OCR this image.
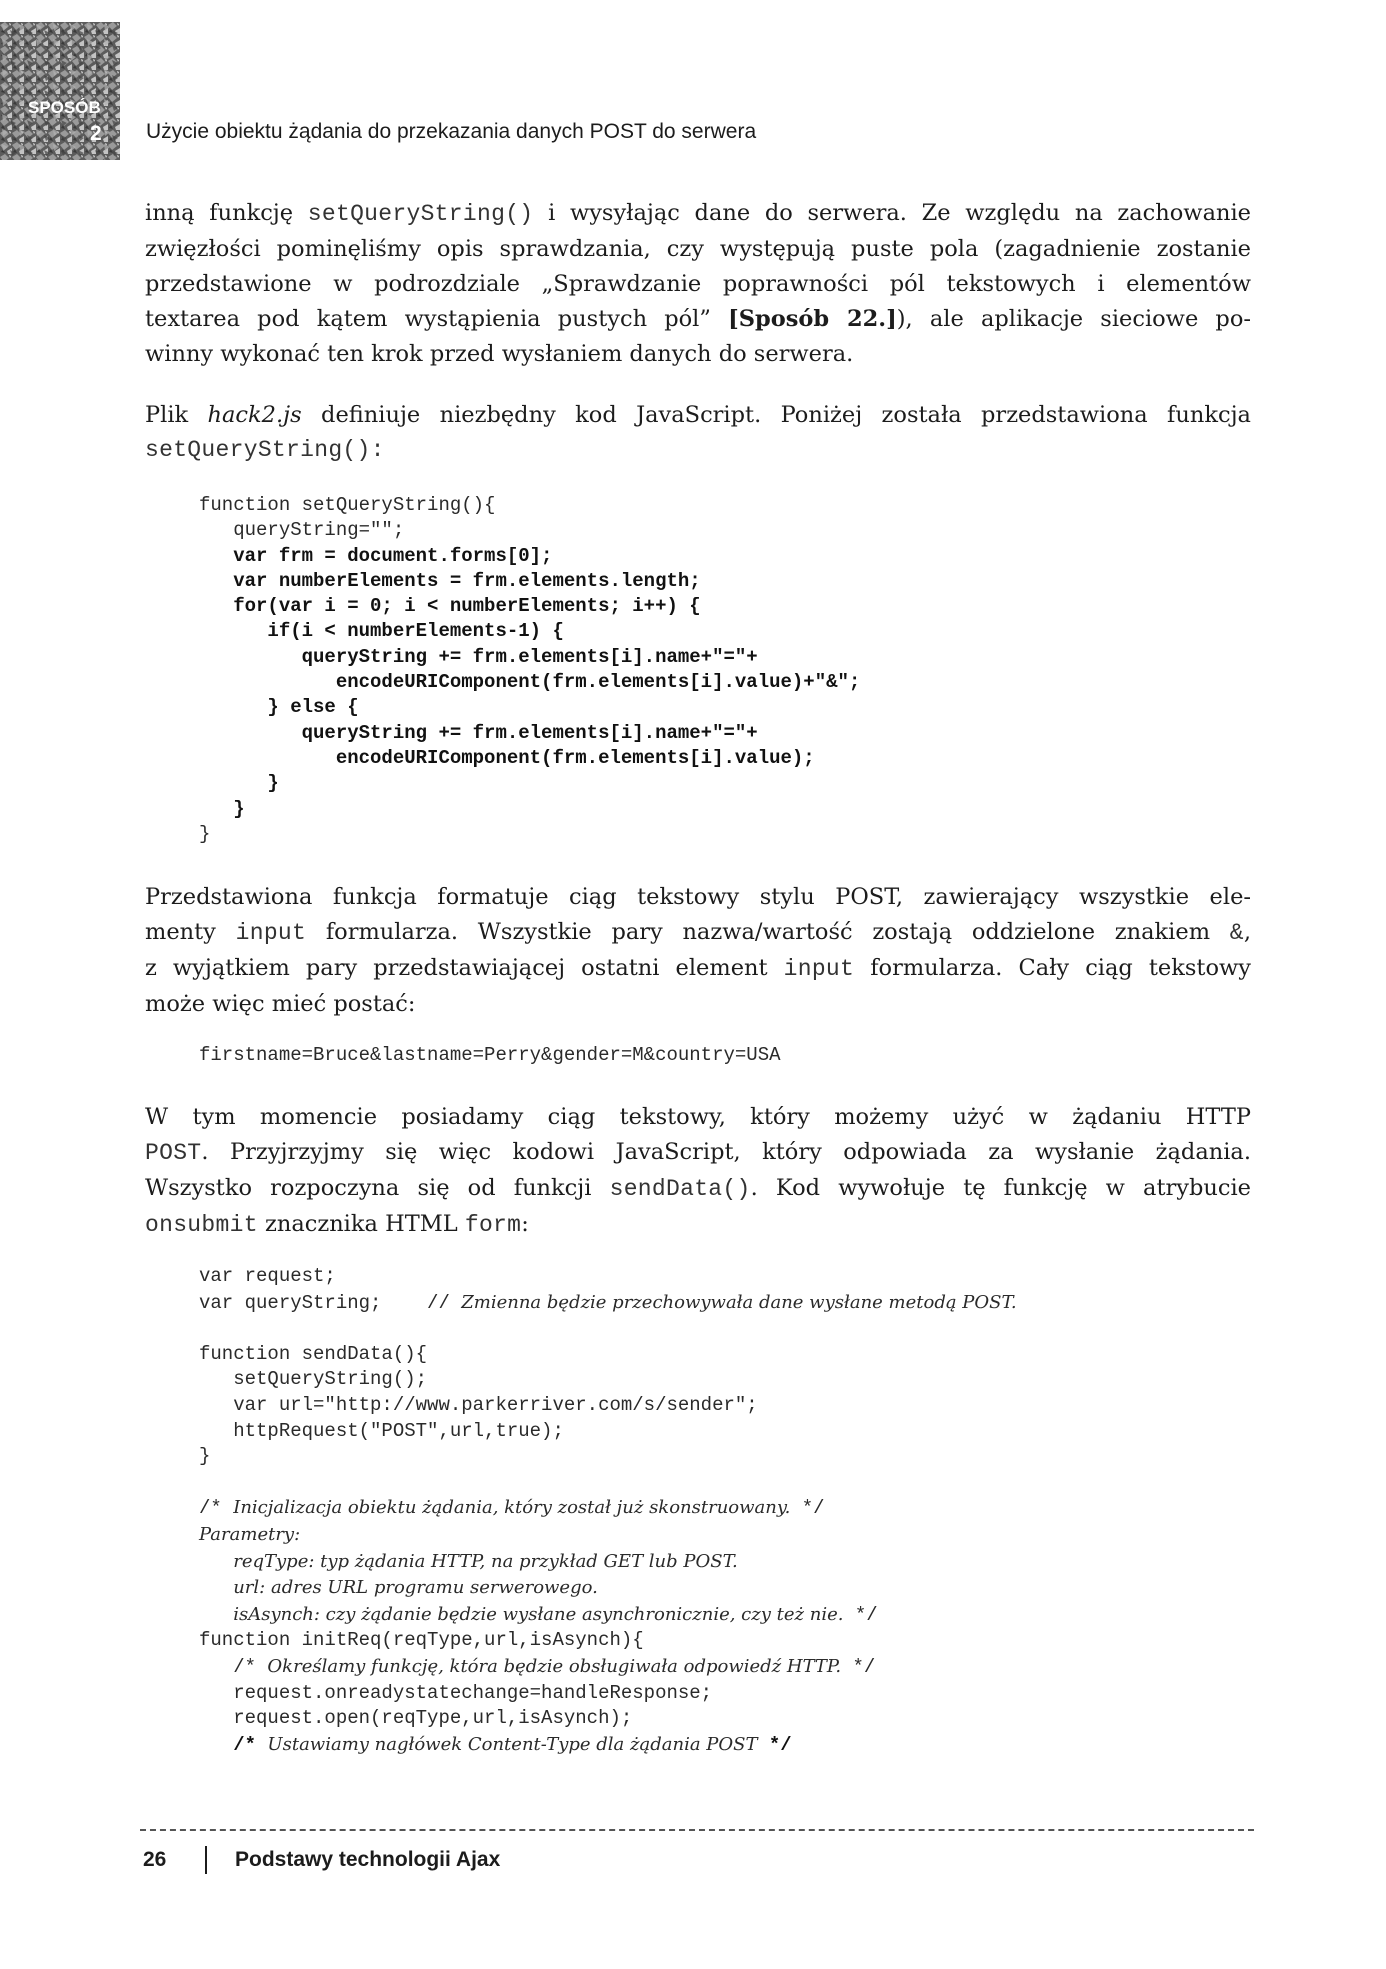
SPOSÓB
2 Użycie obiektu żądania do przekazania danych POST do serwera
inną funkcję setQueryString() i wysyłając dane do serwera. Ze względu na zachowanie
zwięzłości pominęliśmy opis sprawdzania, czy występują puste pola (zagadnienie zostanie
przedstawione w podrozdziale „Sprawdzanie poprawności pól tekstowych i elementów
textarea pod kątem wystąpienia pustych pól” [Sposób 22.]), ale aplikacje sieciowe po-
winny wykonać ten krok przed wysłaniem danych do serwera.
Plik hack2.js definiuje niezbędny kod JavaScript. Poniżej została przedstawiona funkcja
setQueryString():
function setQueryString(){
queryString="";
var frm = document.forms[0];
var numberElements = frm.elements.length;
for(var i = 0; i < numberElements; i++) {
if(i < numberElements-1) {
queryString += frm.elements[i].name+"="+
encodeURIComponent(frm.elements[i].value)+"&";
} else {
queryString += frm.elements[i].name+"="+
encodeURIComponent(frm.elements[i].value);
}
}
}
Przedstawiona funkcja formatuje ciąg tekstowy stylu POST, zawierający wszystkie ele-
menty input formularza. Wszystkie pary nazwa/wartość zostają oddzielone znakiem &,
z wyjątkiem pary przedstawiającej ostatni element input formularza. Cały ciąg tekstowy
może więc mieć postać:
firstname=Bruce&lastname=Perry&gender=M&country=USA
W tym momencie posiadamy ciąg tekstowy, który możemy użyć w żądaniu HTTP
POST. Przyjrzyjmy się więc kodowi JavaScript, który odpowiada za wysłanie żądania.
Wszystko rozpoczyna się od funkcji sendData(). Kod wywołuje tę funkcję w atrybucie
onsubmit znacznika HTML form:
var request;
var queryString;    // Zmienna będzie przechowywała dane wysłane metodą POST.

function sendData(){
setQueryString();
var url="http://www.parkerriver.com/s/sender";
httpRequest("POST",url,true);
}

/* Inicjalizacja obiektu żądania, który został już skonstruowany. */
Parametry:
reqType: typ żądania HTTP, na przykład GET lub POST.
url: adres URL programu serwerowego.
isAsynch: czy żądanie będzie wysłane asynchronicznie, czy też nie. */
function initReq(reqType,url,isAsynch){
/* Określamy funkcję, która będzie obsługiwała odpowiedź HTTP. */
request.onreadystatechange=handleResponse;
request.open(reqType,url,isAsynch);
/* Ustawiamy nagłówek Content-Type dla żądania POST */
26	Podstawy technologii Ajax
